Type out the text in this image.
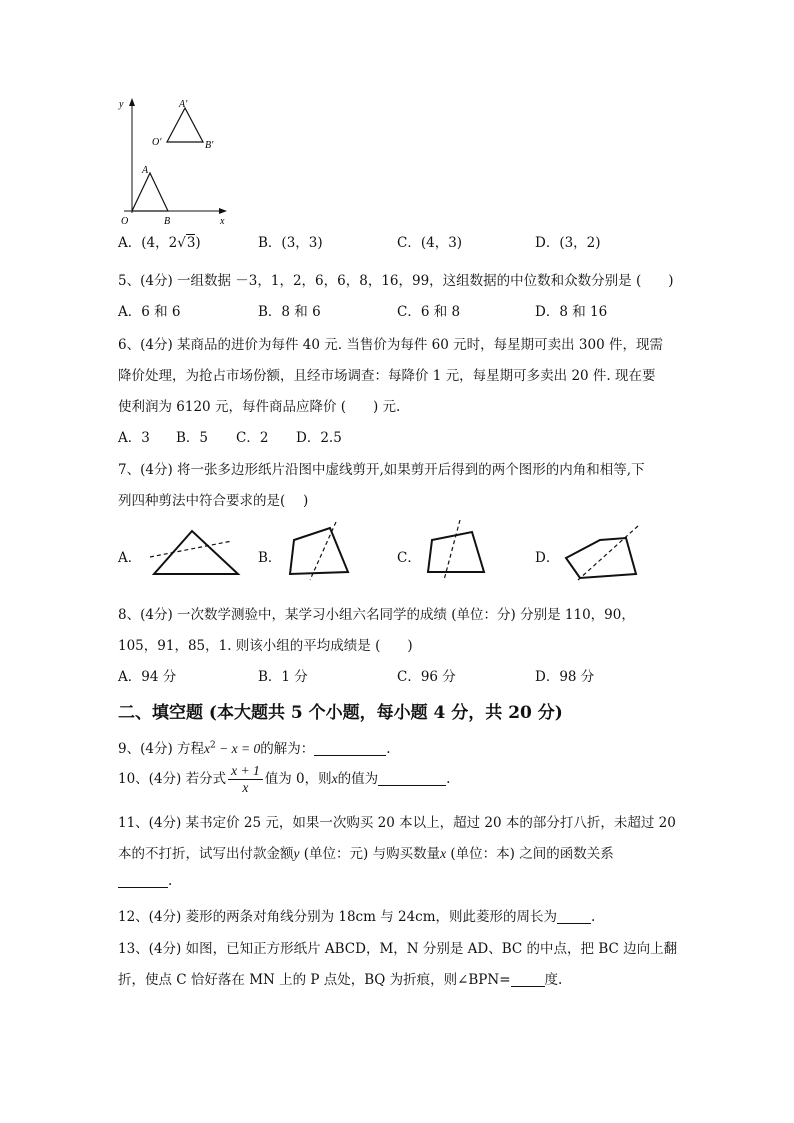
y
x
O
A
B
A′
O′	B′
A．(4，2√3)	B．(3，3)	C．(4，3)	D．(3，2)
5、(4分) 一组数据 －3，1，2，6，6，8，16，99，这组数据的中位数和众数分别是 (　　)
A．6 和 6	B．8 和 6	C．6 和 8	D．8 和 16
6、(4分) 某商品的进价为每件 40 元. 当售价为每件 60 元时，每星期可卖出 300 件，现需
降价处理，为抢占市场份额，且经市场调查：每降价 1 元，每星期可多卖出 20 件. 现在要
使利润为 6120 元，每件商品应降价 (　　) 元.
A．3 B．5 C．2 D．2.5
7、(4分) 将一张多边形纸片沿图中虚线剪开,如果剪开后得到的两个图形的内角和相等,下
列四种剪法中符合要求的是(　 )
A．	B．	C．	D．
8、(4分) 一次数学测验中，某学习小组六名同学的成绩 (单位：分) 分别是 110，90，
105，91，85，1. 则该小组的平均成绩是 (　　)
A．94 分	B．1 分	C．96 分	D．98 分
二、填空题 (本大题共 5 个小题，每小题 4 分，共 20 分)
9、(4分) 方程$x^2 - x = 0$的解为：	.
10、(4分) 若分式 $\frac{x + 1}{x}$ 值为 0，则x的值为	.
11、(4分) 某书定价 25 元，如果一次购买 20 本以上，超过 20 本的部分打八折，未超过 20
本的不打折，试写出付款金额y (单位：元) 与购买数量x (单位：本) 之间的函数关系
.
12、(4分) 菱形的两条对角线分别为 18cm 与 24cm，则此菱形的周长为	.
13、(4分) 如图，已知正方形纸片 ABCD，M，N 分别是 AD、BC 的中点，把 BC 边向上翻
折，使点 C 恰好落在 MN 上的 P 点处，BQ 为折痕，则∠BPN=	度.
